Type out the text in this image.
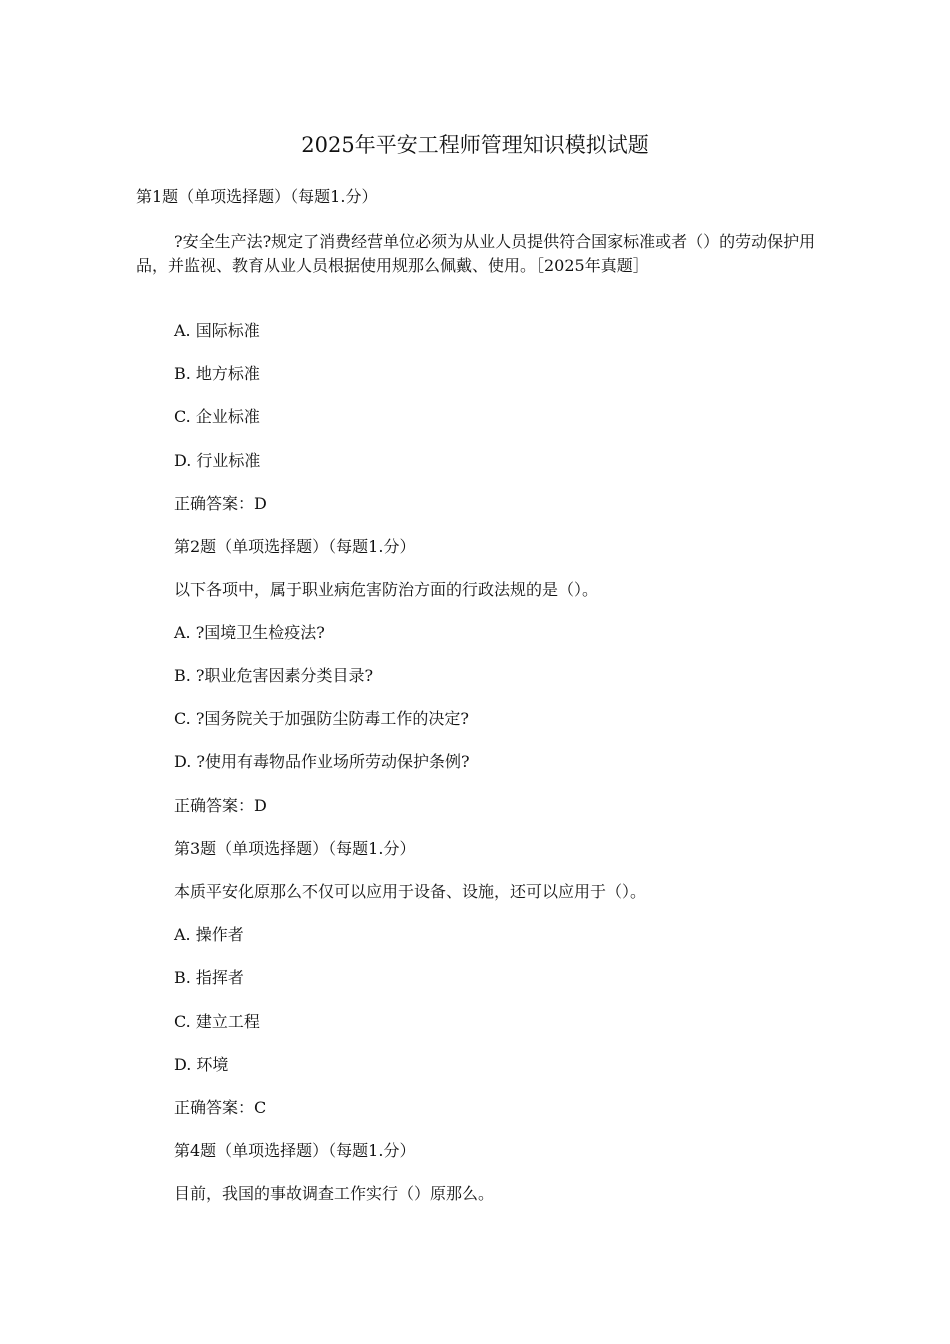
2025年平安工程师管理知识模拟试题
第1题（单项选择题）（每题1.分）
?安全生产法?规定了消费经营单位必须为从业人员提供符合国家标准或者（）的劳动保护用品，并监视、教育从业人员根据使用规那么佩戴、使用。［2025年真题］
A. 国际标准
B. 地方标准
C. 企业标准
D. 行业标准
正确答案：D
第2题（单项选择题）（每题1.分）
以下各项中，属于职业病危害防治方面的行政法规的是（）。
A. ?国境卫生检疫法?
B. ?职业危害因素分类目录?
C. ?国务院关于加强防尘防毒工作的决定?
D. ?使用有毒物品作业场所劳动保护条例?
正确答案：D
第3题（单项选择题）（每题1.分）
本质平安化原那么不仅可以应用于设备、设施，还可以应用于（）。
A. 操作者
B. 指挥者
C. 建立工程
D. 环境
正确答案：C
第4题（单项选择题）（每题1.分）
目前，我国的事故调查工作实行（）原那么。
